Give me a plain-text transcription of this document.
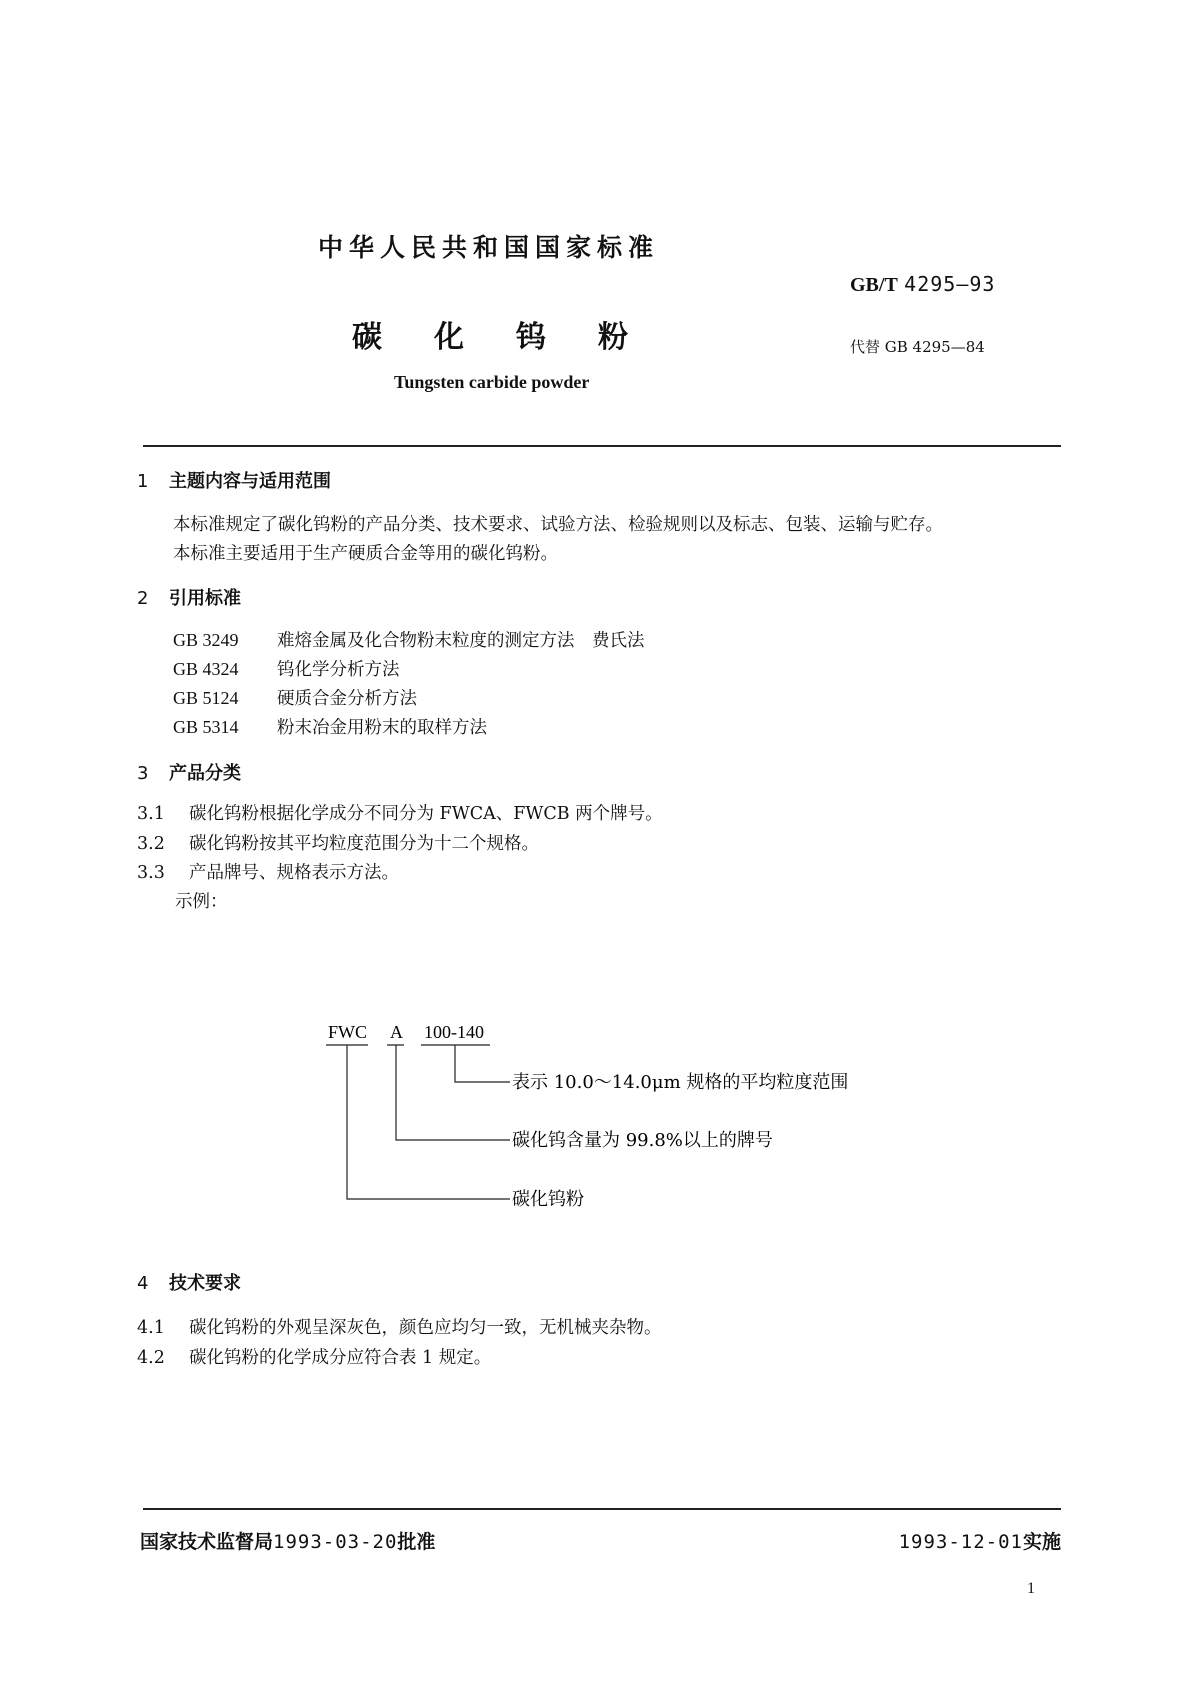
中华人民共和国国家标准
GB/T 4295—93
碳化钨粉	代替 GB 4295—84
Tungsten carbide powder
1 主题内容与适用范围
本标准规定了碳化钨粉的产品分类、技术要求、试验方法、检验规则以及标志、包装、运输与贮存。
本标准主要适用于生产硬质合金等用的碳化钨粉。
2 引用标准
GB 3249 难熔金属及化合物粉末粒度的测定方法　费氏法
GB 4324 钨化学分析方法
GB 5124 硬质合金分析方法
GB 5314 粉末冶金用粉末的取样方法
3 产品分类
3.1 碳化钨粉根据化学成分不同分为 FWCA、FWCB 两个牌号。
3.2 碳化钨粉按其平均粒度范围分为十二个规格。
3.3 产品牌号、规格表示方法。
示例：
FWC A 100-140
表示 10.0～14.0μm 规格的平均粒度范围
碳化钨含量为 99.8%以上的牌号
碳化钨粉
4 技术要求
4.1 碳化钨粉的外观呈深灰色，颜色应均匀一致，无机械夹杂物。
4.2 碳化钨粉的化学成分应符合表 1 规定。
国家技术监督局1993-03-20批准	1993-12-01实施
1
